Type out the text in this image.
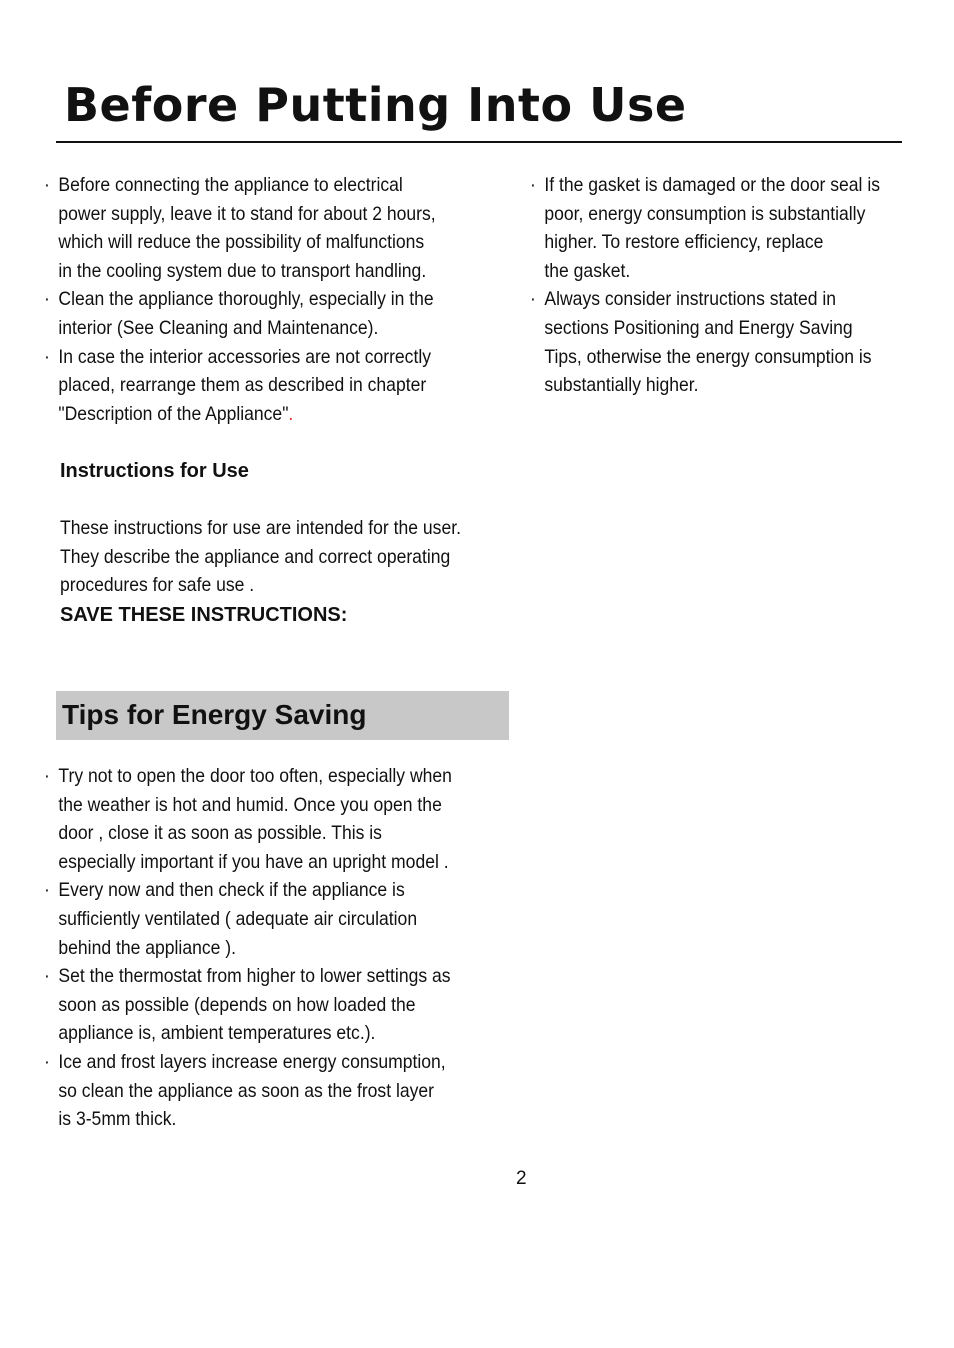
Before Putting Into Use
· Before connecting the appliance to electrical
power supply, leave it to stand for about 2 hours,
which will reduce the possibility of malfunctions
in the cooling system due to transport handling.
· Clean the appliance thoroughly, especially in the
interior (See Cleaning and Maintenance).
· In case the interior accessories are not correctly
placed, rearrange them as described in chapter
"Description of the Appliance".
Instructions for Use
These instructions for use are intended for the user.
They describe the appliance and correct operating
procedures for safe use .
SAVE THESE INSTRUCTIONS:
Tips for Energy Saving
· Try not to open the door too often, especially when
the weather is hot and humid. Once you open the
door , close it as soon as possible. This is
especially important if you have an upright model .
· Every now and then check if the appliance is
sufficiently ventilated ( adequate air circulation
behind the appliance ).
· Set the thermostat from higher to lower settings as
soon as possible (depends on how loaded the
appliance is, ambient temperatures etc.).
· Ice and frost layers increase energy consumption,
so clean the appliance as soon as the frost layer
is 3-5mm thick.
· If the gasket is damaged or the door seal is
poor, energy consumption is substantially
higher. To restore efficiency, replace
the gasket.
· Always consider instructions stated in
sections Positioning and Energy Saving
Tips, otherwise the energy consumption is
substantially higher.
2
